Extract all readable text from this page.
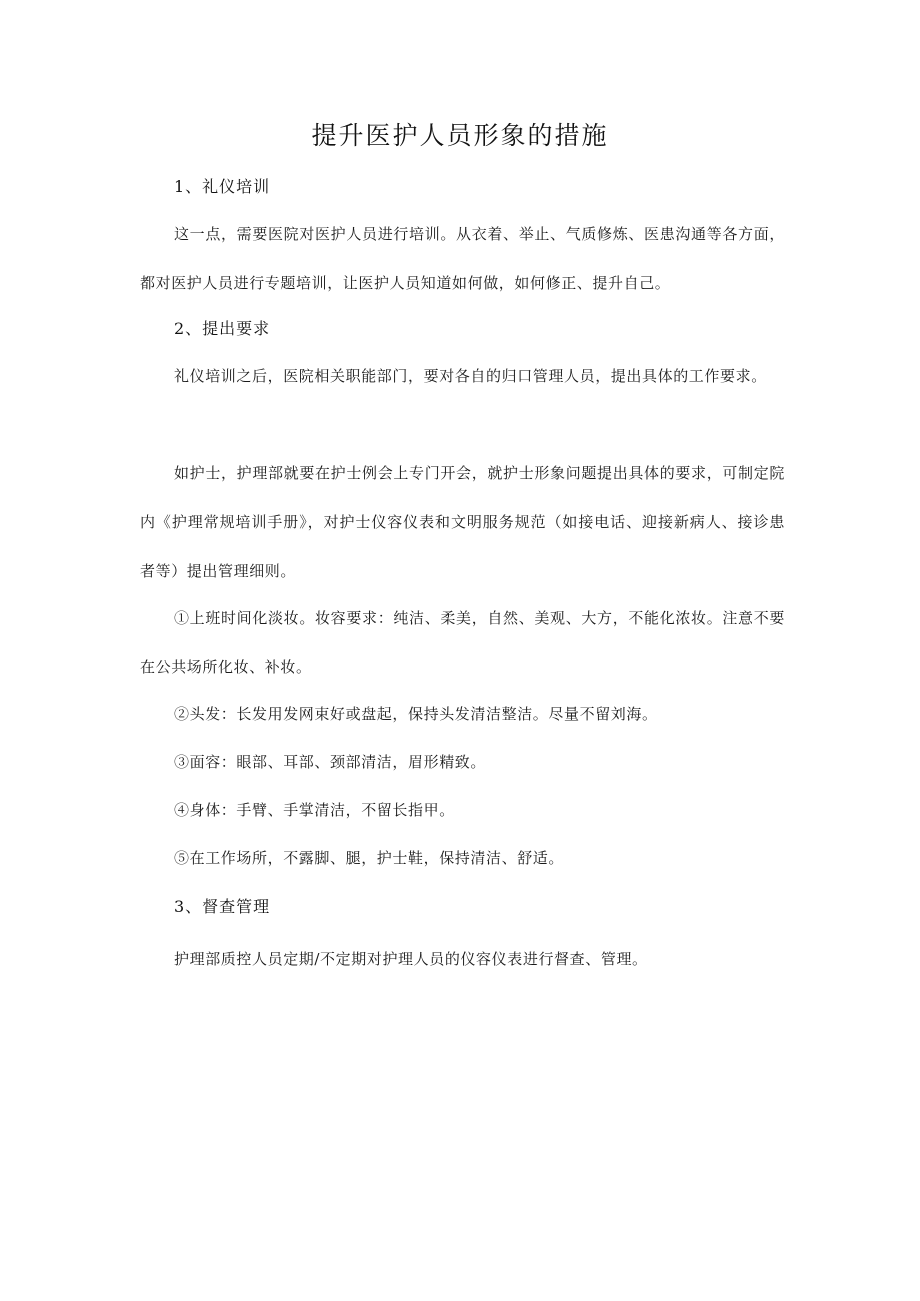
提升医护人员形象的措施
1、礼仪培训

这一点，需要医院对医护人员进行培训。从衣着、举止、气质修炼、医患沟通等各方面，都对医护人员进行专题培训，让医护人员知道如何做，如何修正、提升自己。

2、提出要求

礼仪培训之后，医院相关职能部门，要对各自的归口管理人员，提出具体的工作要求。

如护士，护理部就要在护士例会上专门开会，就护士形象问题提出具体的要求，可制定院内《护理常规培训手册》，对护士仪容仪表和文明服务规范（如接电话、迎接新病人、接诊患者等）提出管理细则。

①上班时间化淡妆。妆容要求：纯洁、柔美，自然、美观、大方，不能化浓妆。注意不要在公共场所化妆、补妆。

②头发：长发用发网束好或盘起，保持头发清洁整洁。尽量不留刘海。

③面容：眼部、耳部、颈部清洁，眉形精致。

④身体：手臂、手掌清洁，不留长指甲。

⑤在工作场所，不露脚、腿，护士鞋，保持清洁、舒适。

3、督查管理

护理部质控人员定期/不定期对护理人员的仪容仪表进行督查、管理。
